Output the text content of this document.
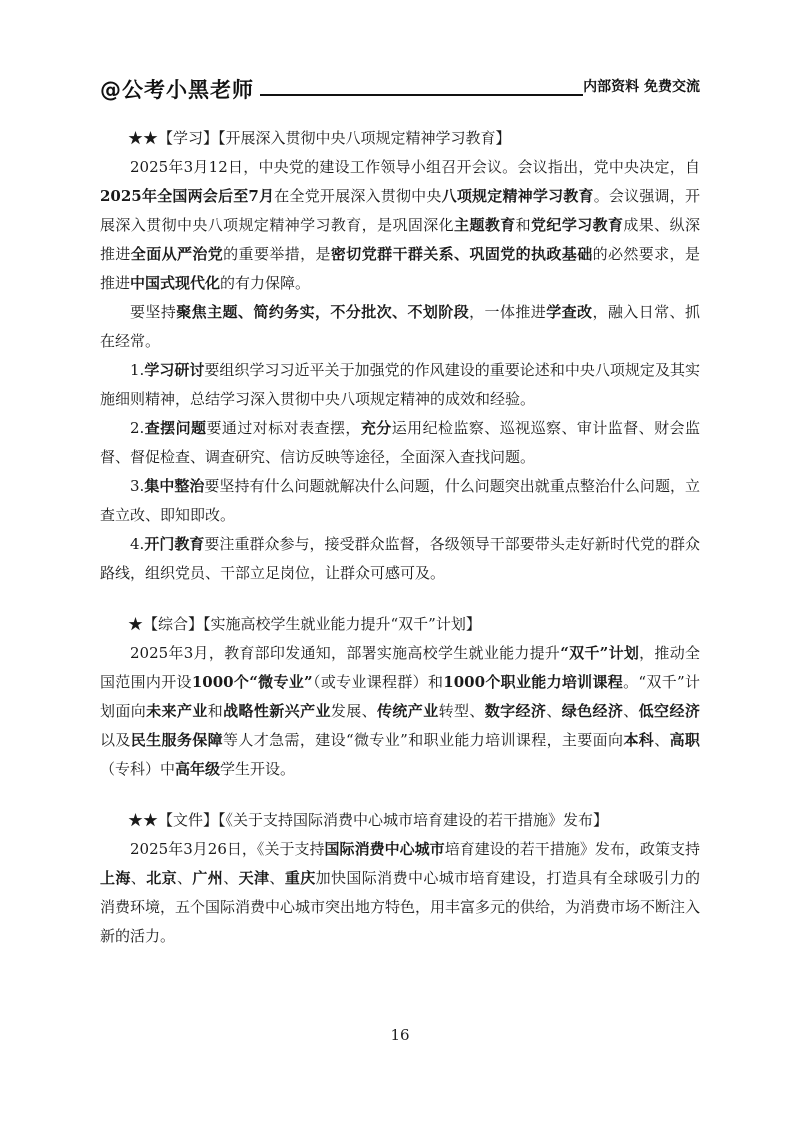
@公考小黑老师	内部资料 免费交流
★★【学习】【开展深入贯彻中央八项规定精神学习教育】

2025年3月12日，中央党的建设工作领导小组召开会议。会议指出，党中央决定，自2025年全国两会后至7月在全党开展深入贯彻中央八项规定精神学习教育。会议强调，开展深入贯彻中央八项规定精神学习教育，是巩固深化主题教育和党纪学习教育成果、纵深推进全面从严治党的重要举措，是密切党群干群关系、巩固党的执政基础的必然要求，是推进中国式现代化的有力保障。

要坚持聚焦主题、简约务实，不分批次、不划阶段，一体推进学查改，融入日常、抓在经常。

1.学习研讨要组织学习习近平关于加强党的作风建设的重要论述和中央八项规定及其实施细则精神，总结学习深入贯彻中央八项规定精神的成效和经验。

2.查摆问题要通过对标对表查摆，充分运用纪检监察、巡视巡察、审计监督、财会监督、督促检查、调查研究、信访反映等途径，全面深入查找问题。

3.集中整治要坚持有什么问题就解决什么问题，什么问题突出就重点整治什么问题，立查立改、即知即改。

4.开门教育要注重群众参与，接受群众监督，各级领导干部要带头走好新时代党的群众路线，组织党员、干部立足岗位，让群众可感可及。

★【综合】【实施高校学生就业能力提升“双千”计划】

2025年3月，教育部印发通知，部署实施高校学生就业能力提升“双千”计划，推动全国范围内开设1000个“微专业”（或专业课程群）和1000个职业能力培训课程。“双千”计划面向未来产业和战略性新兴产业发展、传统产业转型、数字经济、绿色经济、低空经济以及民生服务保障等人才急需，建设“微专业”和职业能力培训课程，主要面向本科、高职（专科）中高年级学生开设。

★★【文件】【《关于支持国际消费中心城市培育建设的若干措施》发布】

2025年3月26日，《关于支持国际消费中心城市培育建设的若干措施》发布，政策支持上海、北京、广州、天津、重庆加快国际消费中心城市培育建设，打造具有全球吸引力的消费环境，五个国际消费中心城市突出地方特色，用丰富多元的供给，为消费市场不断注入新的活力。

16
